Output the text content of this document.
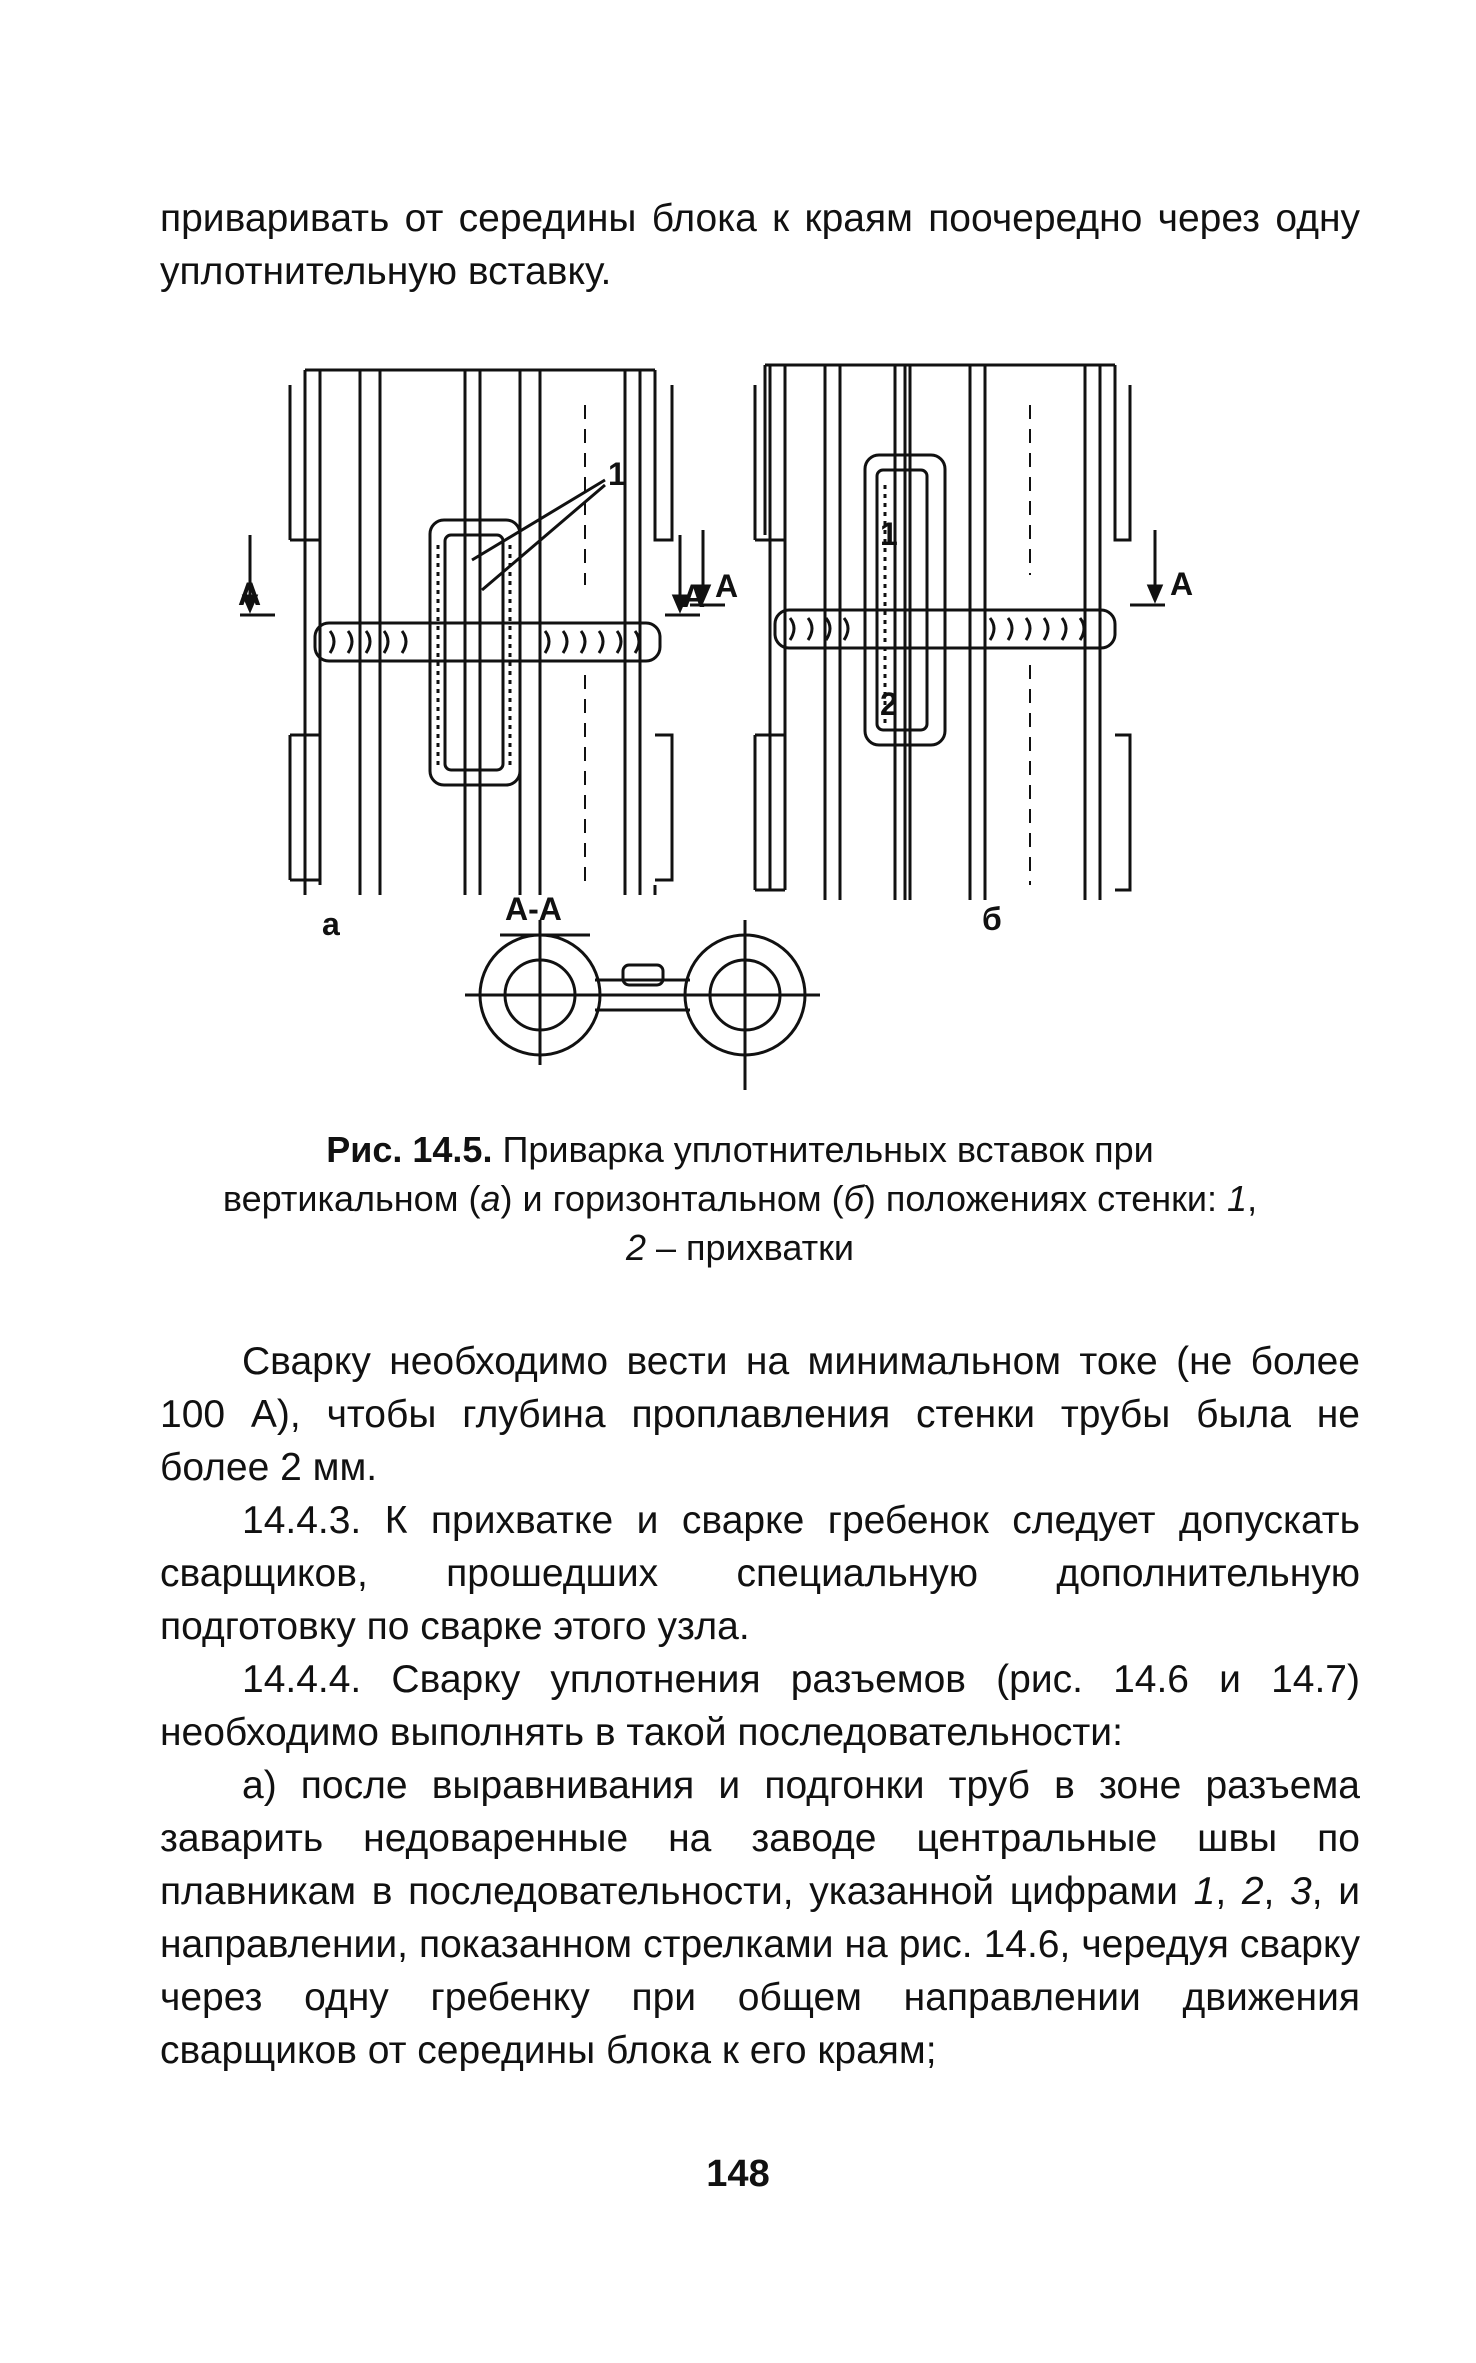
приваривать от середины блока к краям поочередно через одну уплотнительную вставку.

А	А А	А
1
1
2
а	б
А-А

Рис. 14.5. Приварка уплотнительных вставок при вертикальном (а) и горизонтальном (б) положениях стенки: 1, 2 – прихватки

Сварку необходимо вести на минимальном токе (не более 100 А), чтобы глубина проплавления стенки трубы была не более 2 мм.

14.4.3. К прихватке и сварке гребенок следует допускать сварщиков, прошедших специальную дополнительную подготовку по сварке этого узла.

14.4.4. Сварку уплотнения разъемов (рис. 14.6 и 14.7) необходимо выполнять в такой последовательности:

а) после выравнивания и подгонки труб в зоне разъема заварить недоваренные на заводе центральные швы по плавникам в последовательности, указанной цифрами 1, 2, 3, и направлении, показанном стрелками на рис. 14.6, чередуя сварку через одну гребенку при общем направлении движения сварщиков от середины блока к его краям;

148
